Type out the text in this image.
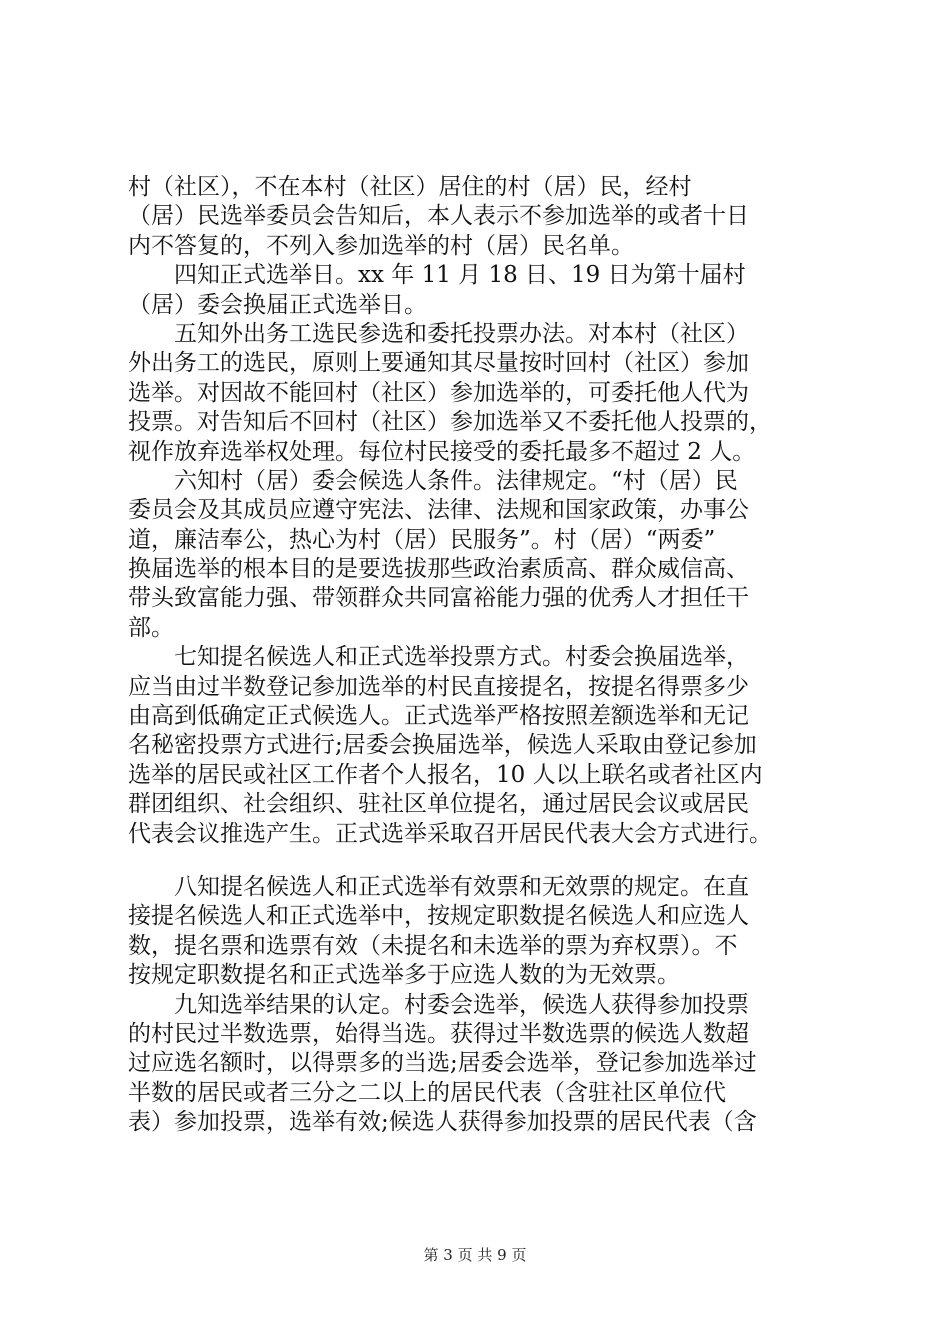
村（社区），不在本村（社区）居住的村（居）民，经村
（居）民选举委员会告知后，本人表示不参加选举的或者十日
内不答复的，不列入参加选举的村（居）民名单。
　　四知正式选举日。xx 年 11 月 18 日、19 日为第十届村
（居）委会换届正式选举日。
　　五知外出务工选民参选和委托投票办法。对本村（社区）
外出务工的选民，原则上要通知其尽量按时回村（社区）参加
选举。对因故不能回村（社区）参加选举的，可委托他人代为
投票。对告知后不回村（社区）参加选举又不委托他人投票的，
视作放弃选举权处理。每位村民接受的委托最多不超过 2 人。
　　六知村（居）委会候选人条件。法律规定。“村（居）民
委员会及其成员应遵守宪法、法律、法规和国家政策，办事公
道，廉洁奉公，热心为村（居）民服务”。村（居）“两委”
换届选举的根本目的是要选拔那些政治素质高、群众威信高、
带头致富能力强、带领群众共同富裕能力强的优秀人才担任干
部。
　　七知提名候选人和正式选举投票方式。村委会换届选举，
应当由过半数登记参加选举的村民直接提名，按提名得票多少
由高到低确定正式候选人。正式选举严格按照差额选举和无记
名秘密投票方式进行;居委会换届选举，候选人采取由登记参加
选举的居民或社区工作者个人报名，10 人以上联名或者社区内
群团组织、社会组织、驻社区单位提名，通过居民会议或居民
代表会议推选产生。正式选举采取召开居民代表大会方式进行。
　　八知提名候选人和正式选举有效票和无效票的规定。在直
接提名候选人和正式选举中，按规定职数提名候选人和应选人
数，提名票和选票有效（未提名和未选举的票为弃权票）。不
按规定职数提名和正式选举多于应选人数的为无效票。
　　九知选举结果的认定。村委会选举，候选人获得参加投票
的村民过半数选票，始得当选。获得过半数选票的候选人数超
过应选名额时，以得票多的当选;居委会选举，登记参加选举过
半数的居民或者三分之二以上的居民代表（含驻社区单位代
表）参加投票，选举有效;候选人获得参加投票的居民代表（含
第 3 页 共 9 页
